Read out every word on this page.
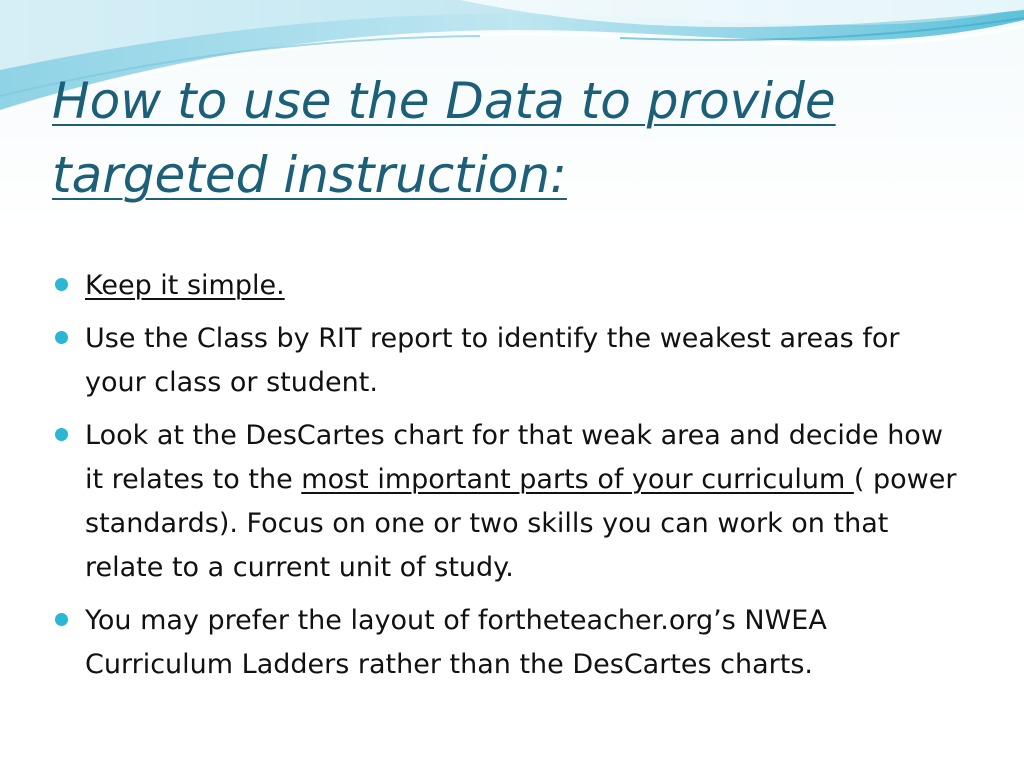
How to use the Data to provide
targeted instruction:
Keep it simple.
Use the Class by RIT report to identify the weakest areas for your class or student.
Look at the DesCartes chart for that weak area and decide how it relates to the most important parts of your curriculum ( power standards). Focus on one or two skills you can work on that relate to a current unit of study.
You may prefer the layout of fortheteacher.org’s NWEA Curriculum Ladders rather than the DesCartes charts.
